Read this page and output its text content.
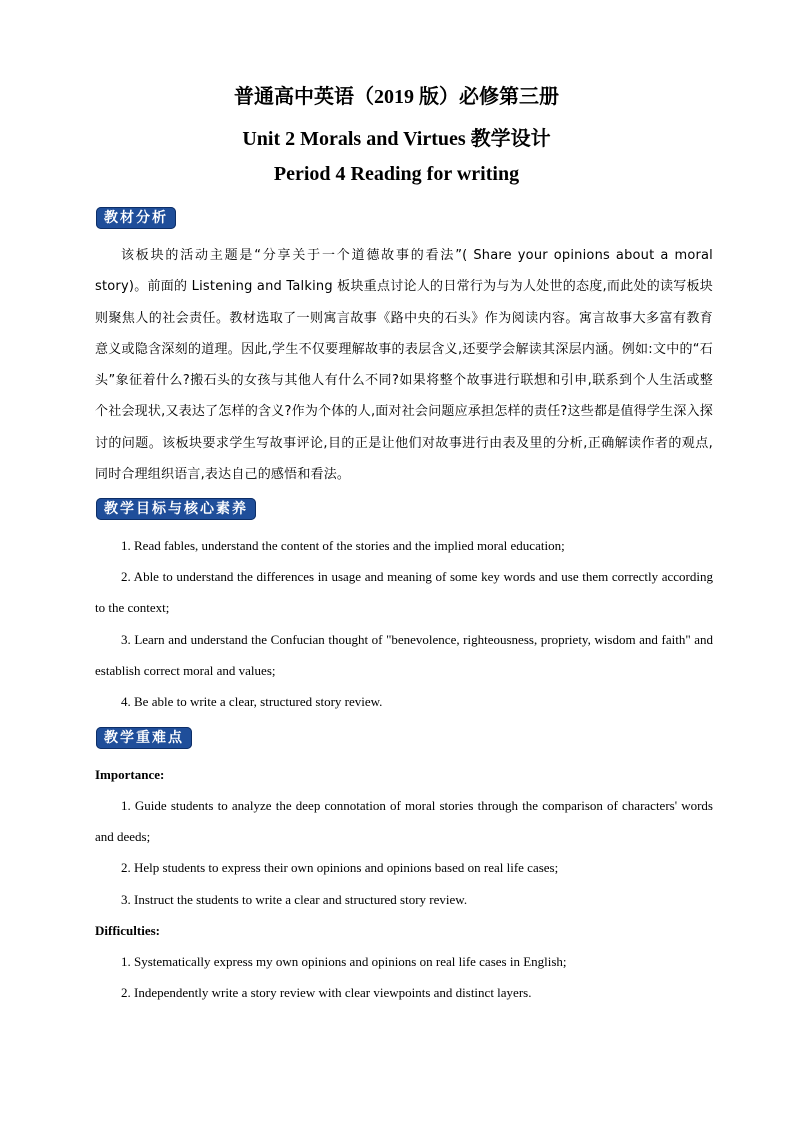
普通高中英语（2019 版）必修第三册
Unit 2 Morals and Virtues 教学设计
Period 4 Reading for writing
教材分析
该板块的活动主题是“分享关于一个道德故事的看法”( Share your opinions about a moral story)。前面的 Listening and Talking 板块重点讨论人的日常行为与为人处世的态度,而此处的读写板块则聚焦人的社会责任。教材选取了一则寓言故事《路中央的石头》作为阅读内容。寓言故事大多富有教育意义或隐含深刻的道理。因此,学生不仅要理解故事的表层含义,还要学会解读其深层内涵。例如:文中的“石头”象征着什么?搬石头的女孩与其他人有什么不同?如果将整个故事进行联想和引申,联系到个人生活或整个社会现状,又表达了怎样的含义?作为个体的人,面对社会问题应承担怎样的责任?这些都是值得学生深入探讨的问题。该板块要求学生写故事评论,目的正是让他们对故事进行由表及里的分析,正确解读作者的观点,同时合理组织语言,表达自己的感悟和看法。
教学目标与核心素养
1. Read fables, understand the content of the stories and the implied moral education;
2. Able to understand the differences in usage and meaning of some key words and use them correctly according to the context;
3. Learn and understand the Confucian thought of "benevolence, righteousness, propriety, wisdom and faith" and establish correct moral and values;
4. Be able to write a clear, structured story review.
教学重难点
Importance:
1. Guide students to analyze the deep connotation of moral stories through the comparison of characters' words and deeds;
2. Help students to express their own opinions and opinions based on real life cases;
3. Instruct the students to write a clear and structured story review.
Difficulties:
1. Systematically express my own opinions and opinions on real life cases in English;
2. Independently write a story review with clear viewpoints and distinct layers.
